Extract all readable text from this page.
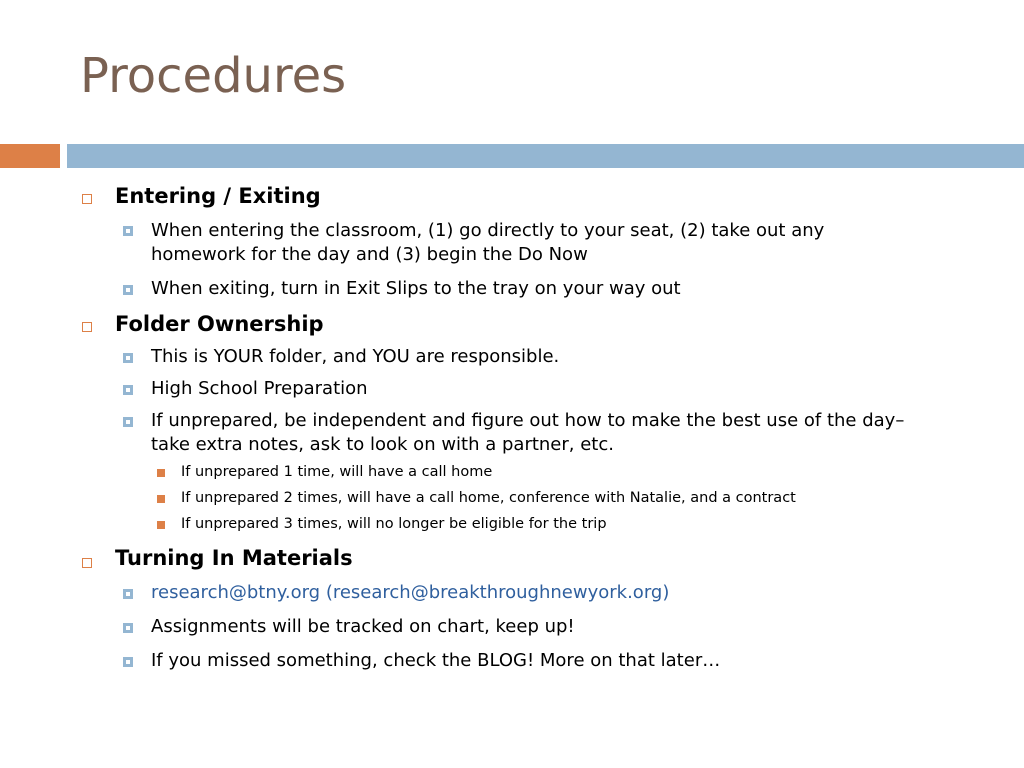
Procedures
Entering / Exiting
When entering the classroom, (1) go directly to your seat, (2) take out any
homework for the day and (3) begin the Do Now
When exiting, turn in Exit Slips to the tray on your way out
Folder Ownership
This is YOUR folder, and YOU are responsible.
High School Preparation
If unprepared, be independent and figure out how to make the best use of the day–
take extra notes, ask to look on with a partner, etc.
If unprepared 1 time, will have a call home
If unprepared 2 times, will have a call home, conference with Natalie, and a contract
If unprepared 3 times, will no longer be eligible for the trip
Turning In Materials
research@btny.org (research@breakthroughnewyork.org)
Assignments will be tracked on chart, keep up!
If you missed something, check the BLOG! More on that later…
